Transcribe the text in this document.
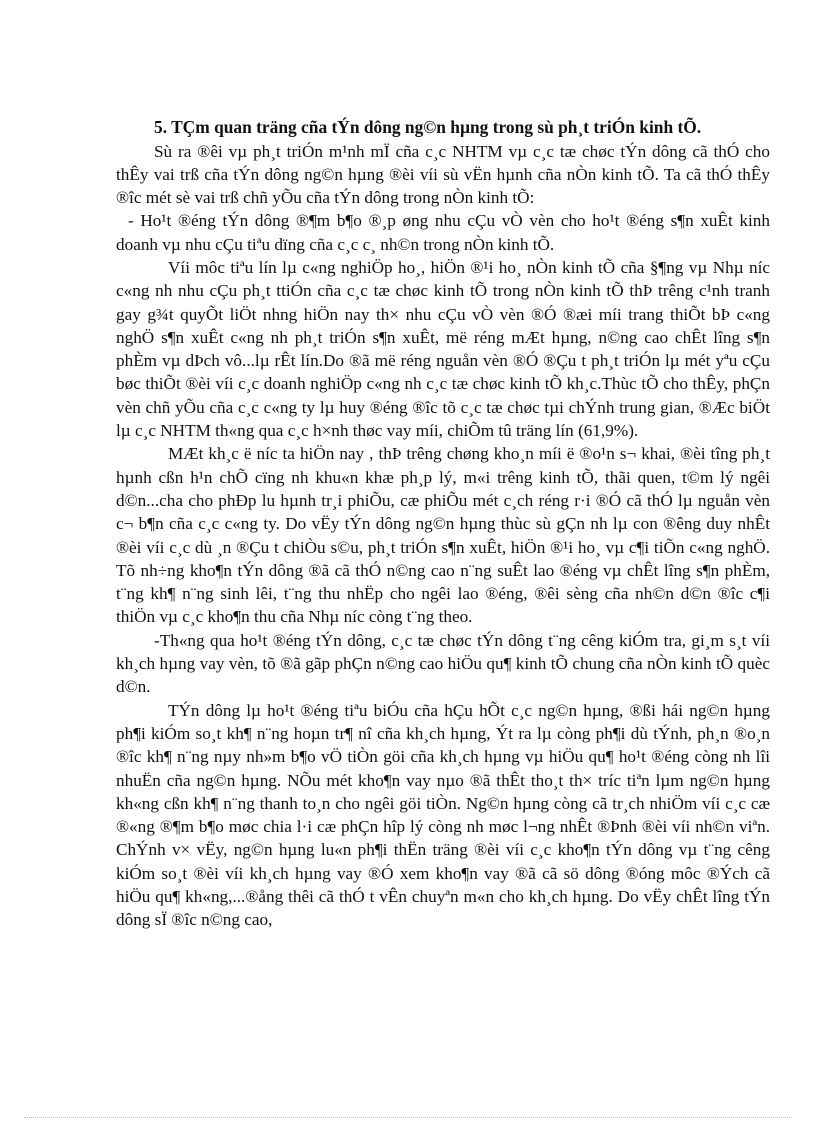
5. TÇm quan träng cña tÝn dông ng©n hµng trong sù ph¸t triÓn kinh tÕ.

Sù ra ®êi vµ ph¸t triÓn m¹nh mÏ cña c¸c NHTM vµ c¸c tæ chøc tÝn dông cã thÓ cho thÊy vai trß cña tÝn dông ng©n hµng ®èi víi sù vËn hµnh cña nÒn kinh tÕ. Ta cã thÓ thÊy ®îc mét sè vai trß chñ yÕu cña tÝn dông trong nÒn kinh tÕ:

- Ho¹t ®éng tÝn dông ®¶m b¶o ®¸p øng nhu cÇu vÒ vèn cho ho¹t ®éng s¶n xuÊt kinh doanh vµ nhu cÇu tiªu dïng cña c¸c c¸ nh©n trong nÒn kinh tÕ.

Víi môc tiªu lín lµ c«ng nghiÖp ho¸, hiÖn ®¹i ho¸ nÒn kinh tÕ cña §¶ng vµ Nhµ níc c«ng nh nhu cÇu ph¸t ttiÓn cña c¸c tæ chøc kinh tÕ trong nÒn kinh tÕ thÞ trêng c¹nh tranh gay g¾t quyÕt liÖt nhng hiÖn nay th× nhu cÇu vÒ vèn ®Ó ®æi míi trang thiÕt bÞ c«ng nghÖ s¶n xuÊt c«ng nh ph¸t triÓn s¶n xuÊt, më réng mÆt hµng, n©ng cao chÊt lîng s¶n phÈm vµ dÞch vô...lµ rÊt lín.Do ®ã më réng nguån vèn ®Ó ®Çu t ph¸t triÓn lµ mét yªu cÇu bøc thiÕt ®èi víi c¸c doanh nghiÖp c«ng nh c¸c tæ chøc kinh tÕ kh¸c.Thùc tÕ cho thÊy, phÇn vèn chñ yÕu cña c¸c c«ng ty lµ huy ®éng ®îc tõ c¸c tæ chøc tµi chÝnh trung gian, ®Æc biÖt lµ c¸c NHTM th«ng qua c¸c h×nh thøc vay míi, chiÕm tû träng lín (61,9%).

MÆt kh¸c ë níc ta hiÖn nay , thÞ trêng chøng kho¸n míi ë ®o¹n s¬ khai, ®èi tîng ph¸t hµnh cßn h¹n chÕ cïng nh khu«n khæ ph¸p lý, m«i trêng kinh tÕ, thãi quen, t©m lý ngêi d©n...cha cho phÐp lu hµnh tr¸i phiÕu, cæ phiÕu mét c¸ch réng r·i ®Ó cã thÓ lµ nguån vèn c¬ b¶n cña c¸c c«ng ty. Do vËy tÝn dông ng©n hµng thùc sù gÇn nh lµ con ®êng duy nhÊt ®èi víi c¸c dù ¸n ®Çu t chiÒu s©u, ph¸t triÓn s¶n xuÊt, hiÖn ®¹i ho¸ vµ c¶i tiÕn c«ng nghÖ. Tõ nh÷ng kho¶n tÝn dông ®ã cã thÓ n©ng cao n¨ng suÊt lao ®éng vµ chÊt lîng s¶n phÈm, t¨ng kh¶ n¨ng sinh lêi, t¨ng thu nhËp cho ngêi lao ®éng, ®êi sèng cña nh©n d©n ®îc c¶i thiÖn vµ c¸c kho¶n thu cña Nhµ níc còng t¨ng theo.

-Th«ng qua ho¹t ®éng tÝn dông, c¸c tæ chøc tÝn dông t¨ng cêng kiÓm tra, gi¸m s¸t víi kh¸ch hµng vay vèn, tõ ®ã gãp phÇn n©ng cao hiÖu qu¶ kinh tÕ chung cña nÒn kinh tÕ quèc d©n.

TÝn dông lµ ho¹t ®éng tiªu biÓu cña hÇu hÕt c¸c ng©n hµng, ®ßi hái ng©n hµng ph¶i kiÓm so¸t kh¶ n¨ng hoµn tr¶ nî cña kh¸ch hµng, Ýt ra lµ còng ph¶i dù tÝnh, ph¸n ®o¸n ®îc kh¶ n¨ng nµy nh»m b¶o vÖ tiÒn göi cña kh¸ch hµng vµ hiÖu qu¶ ho¹t ®éng còng nh lîi nhuËn cña ng©n hµng. NÕu mét kho¶n vay nµo ®ã thÊt tho¸t th× tríc tiªn lµm ng©n hµng kh«ng cßn kh¶ n¨ng thanh to¸n cho ngêi göi tiÒn. Ng©n hµng còng cã tr¸ch nhiÖm víi c¸c cæ ®«ng ®¶m b¶o møc chia l·i cæ phÇn hîp lý còng nh møc l¬ng nhÊt ®Þnh ®èi víi nh©n viªn. ChÝnh v× vËy, ng©n hµng lu«n ph¶i thËn träng ®èi víi c¸c kho¶n tÝn dông vµ t¨ng cêng kiÓm so¸t ®èi víi kh¸ch hµng vay ®Ó xem kho¶n vay ®ã cã sö dông ®óng môc ®Ých cã hiÖu qu¶ kh«ng,...®ång thêi cã thÓ t vÊn chuyªn m«n cho kh¸ch hµng. Do vËy chÊt lîng tÝn dông sÏ ®îc n©ng cao,
